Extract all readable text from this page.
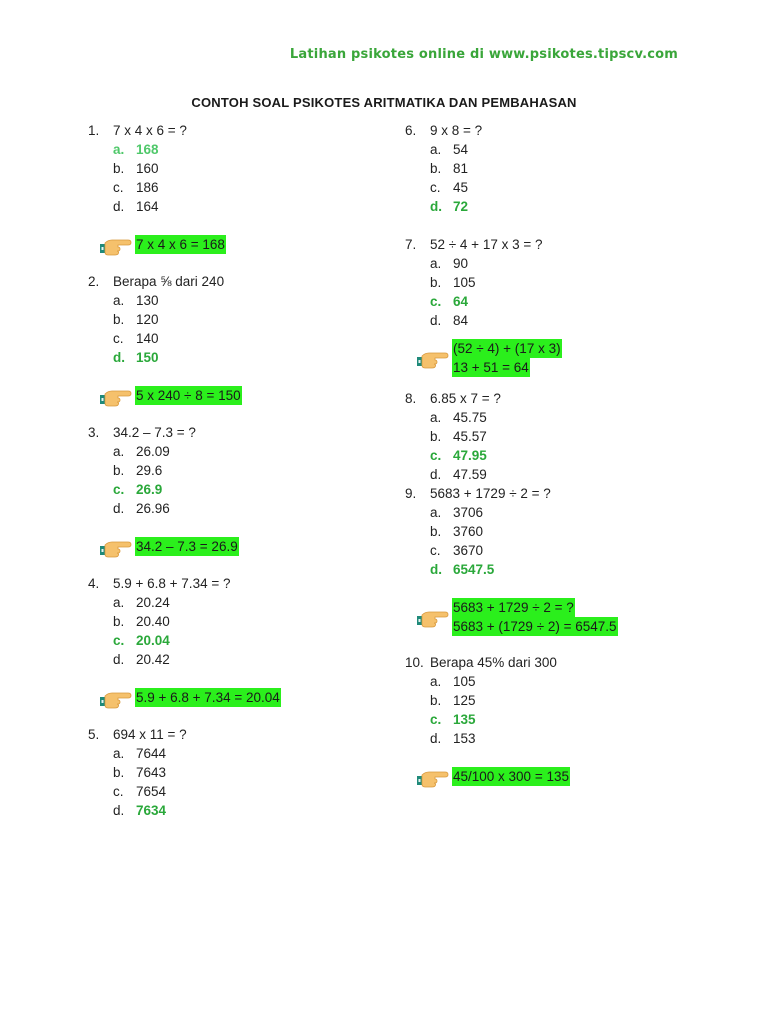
Latihan psikotes online di www.psikotes.tipscv.com
CONTOH SOAL PSIKOTES ARITMATIKA DAN PEMBAHASAN
1. 7 x 4 x 6 = ?
a. 168
b. 160
c. 186
d. 164
7 x 4 x 6 = 168
2. Berapa ⅝ dari 240
a. 130
b. 120
c. 140
d. 150
5 x 240 ÷ 8 = 150
3. 34.2 – 7.3 = ?
a. 26.09
b. 29.6
c. 26.9
d. 26.96
34.2 – 7.3 = 26.9
4. 5.9 + 6.8 + 7.34 = ?
a. 20.24
b. 20.40
c. 20.04
d. 20.42
5.9 + 6.8 + 7.34 = 20.04
5. 694 x 11 = ?
a. 7644
b. 7643
c. 7654
d. 7634
6. 9 x 8 = ?
a. 54
b. 81
c. 45
d. 72
7. 52 ÷ 4 + 17 x 3 = ?
a. 90
b. 105
c. 64
d. 84
(52 ÷ 4) + (17 x 3)
13 + 51 = 64
8. 6.85 x 7 = ?
a. 45.75
b. 45.57
c. 47.95
d. 47.59
9. 5683 + 1729 ÷ 2 = ?
a. 3706
b. 3760
c. 3670
d. 6547.5
5683 + 1729 ÷ 2 = ?
5683 + (1729 ÷ 2) = 6547.5
10. Berapa 45% dari 300
a. 105
b. 125
c. 135
d. 153
45/100 x 300 = 135
